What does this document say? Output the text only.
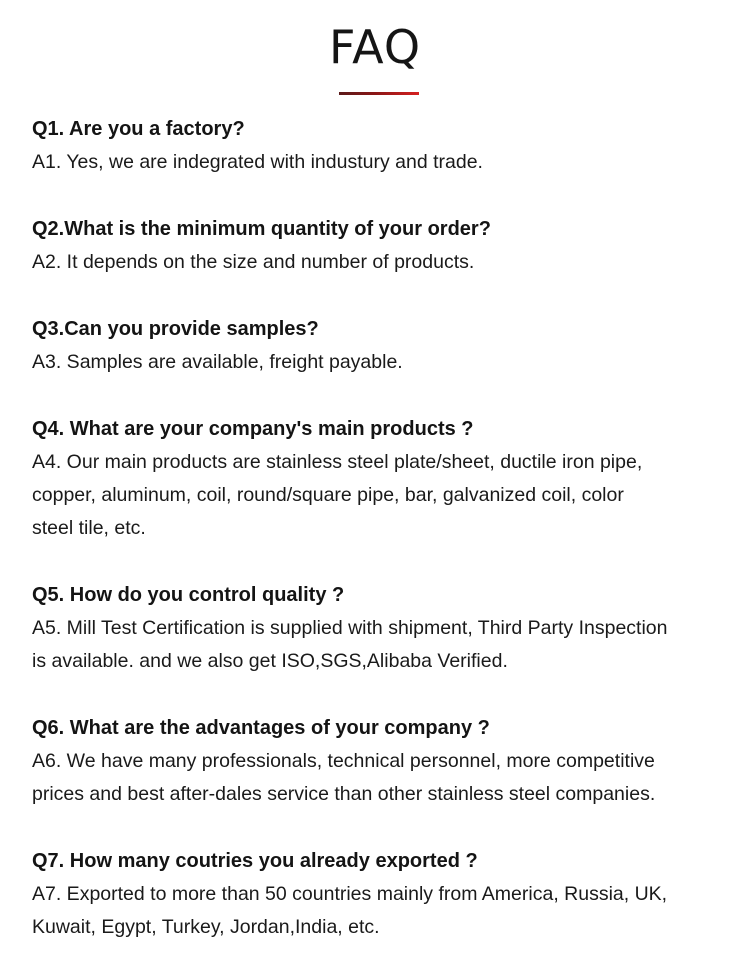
FAQ

Q1. Are you a factory?

A1. Yes, we are indegrated with industury and trade.

Q2.What is the minimum quantity of your order?

A2. It depends on the size and number of products.

Q3.Can you provide samples?

A3. Samples are available, freight payable.

Q4. What are your company's main products ?

A4. Our main products are stainless steel plate/sheet, ductile iron pipe,
copper, aluminum, coil, round/square pipe, bar, galvanized coil, color
steel tile, etc.

Q5. How do you control quality ?

A5. Mill Test Certification is supplied with shipment, Third Party Inspection
is available. and we also get ISO,SGS,Alibaba Verified.

Q6. What are the advantages of your company ?

A6. We have many professionals, technical personnel, more competitive
prices and best after-dales service than other stainless steel companies.

Q7. How many coutries you already exported ?

A7. Exported to more than 50 countries mainly from America, Russia, UK,
Kuwait, Egypt, Turkey, Jordan,India, etc.
